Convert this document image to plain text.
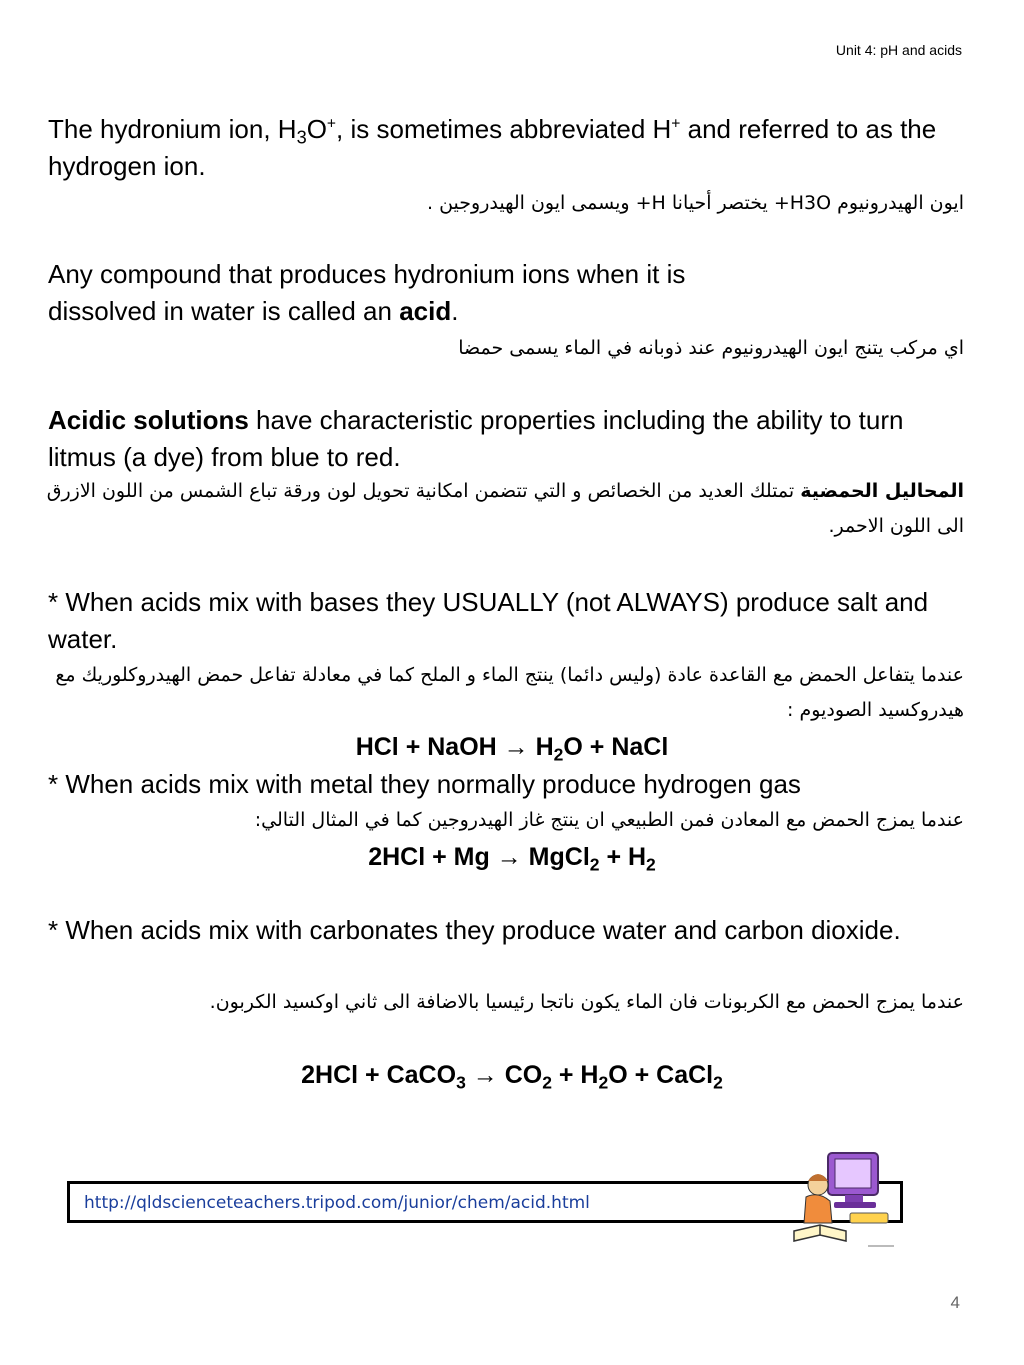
Unit 4: pH and acids

The hydronium ion, $H_3O^+$, is sometimes abbreviated H+ and referred to as the hydrogen ion.

ايون الهيدرونيوم H3O+ يختصر أحيانا H+ ويسمى ايون الهيدروجين .

Any compound that produces hydronium ions when it is
dissolved in water is called an acid.

اي مركب يتنج ايون الهيدرونيوم عند ذوبانه في الماء يسمى حمضا

Acidic solutions have characteristic properties including the ability to turn litmus (a dye) from blue to red.

المحاليل الحمضية تمتلك العديد من الخصائص و التي تتضمن امكانية تحويل لون ورقة تباع الشمس من اللون الازرق الى اللون الاحمر.

* When acids mix with bases they USUALLY (not ALWAYS) produce salt and water.

عندما يتفاعل الحمض مع القاعدة عادة (وليس دائما) ينتج الماء و الملح كما في معادلة تفاعل حمض الهيدروكلوريك مع هيدروكسيد الصوديوم :

HCl + NaOH → $H_2O$ + NaCl

* When acids mix with metal they normally produce hydrogen gas

عندما يمزج الحمض مع المعادن فمن الطبيعي ان ينتج غاز الهيدروجين كما في المثال التالي:

2HCl + Mg → MgCl$_2$ + $H_2$

* When acids mix with carbonates they produce water and carbon dioxide.

عندما يمزج الحمض مع الكربونات فان الماء يكون ناتجا رئيسيا بالاضافة الى ثاني اوكسيد الكربون.

2HCl + CaCO$_3$ → $CO_2 + H_2O$ + CaCl$_2$
http://qldscienceteachers.tripod.com/junior/chem/acid.html
4
